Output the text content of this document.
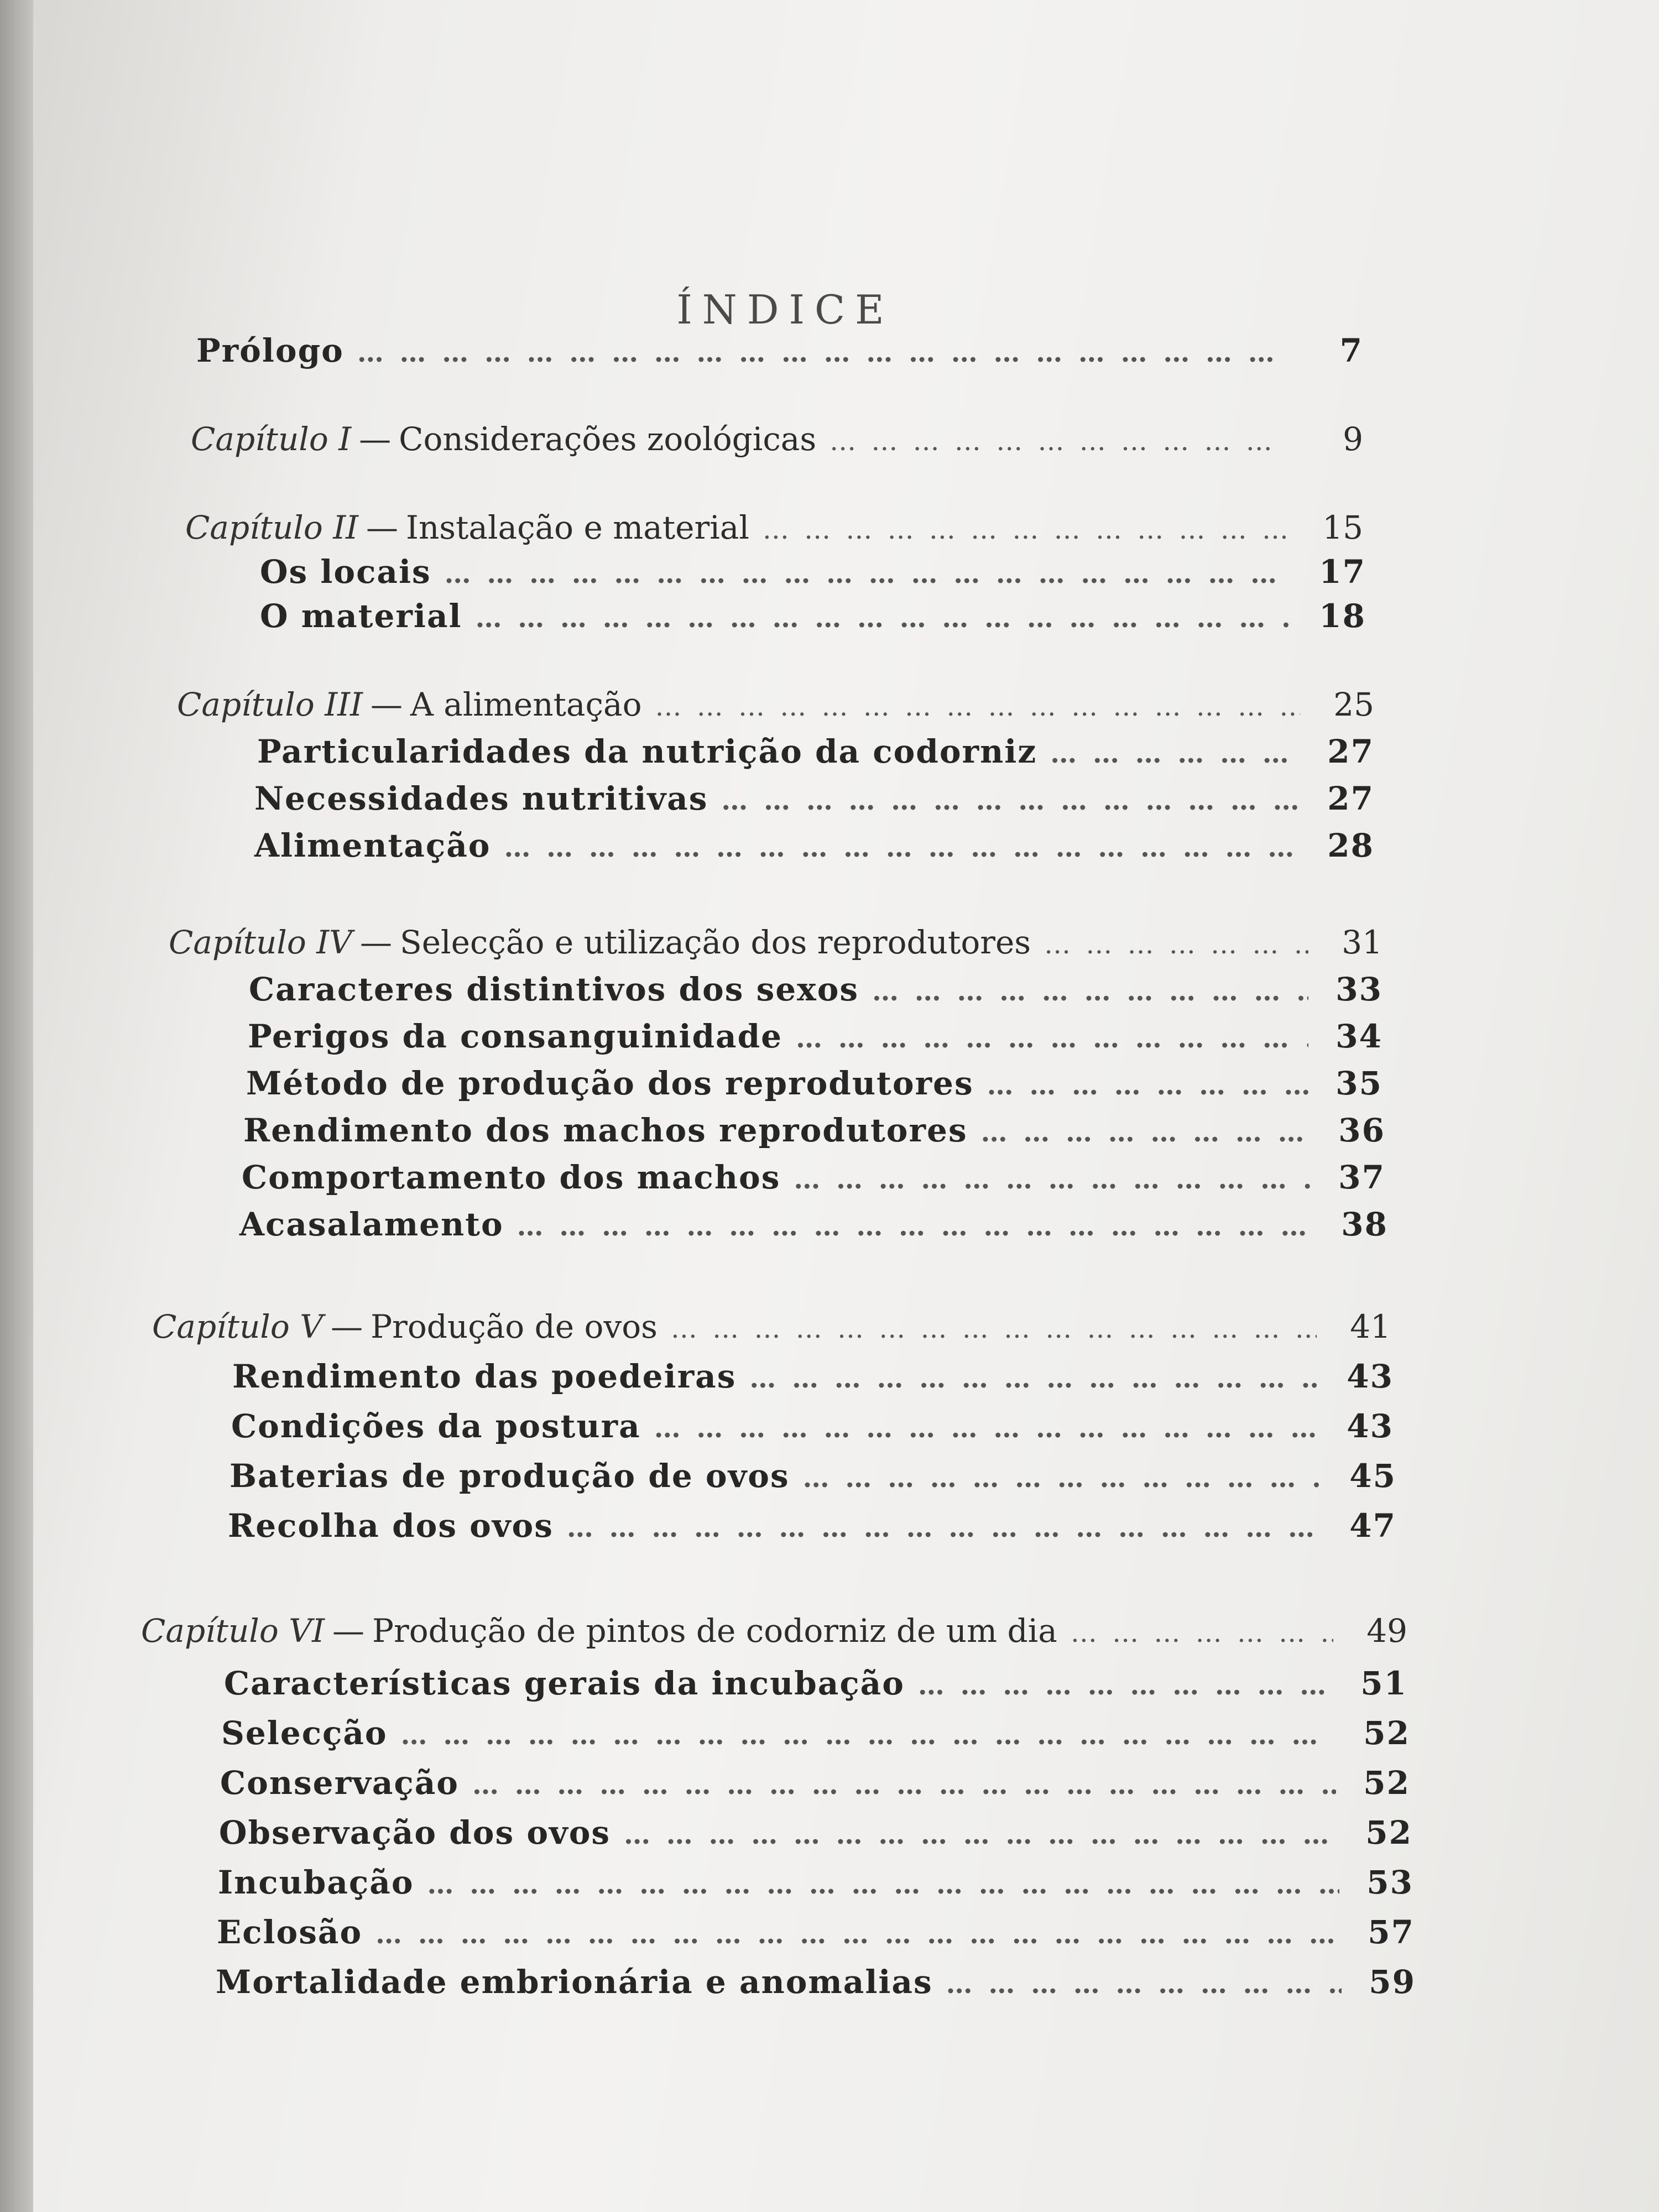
ÍNDICE
Prólogo … … … … … … … … … … … … … … … … … … … … … … … … … … … …	7
Capítulo I — Considerações zoológicas … … … … … … … … … … … … … … … … … … … … … … … … … … … …	9
Capítulo II — Instalação e material … … … … … … … … … … … … … … … … … … … … … … … … … … … …	15
Os locais … … … … … … … … … … … … … … … … … … … … … … … … … … … …	17
O material … … … … … … … … … … … … … … … … … … … … … … … … … … … …	18
Capítulo III — A alimentação … … … … … … … … … … … … … … … … … … … … … … … … … … … …	25
Particularidades da nutrição da codorniz … … … … … … … … … … … … … … … … … … … … … … … … … … … …	27
Necessidades nutritivas … … … … … … … … … … … … … … … … … … … … … … … … … … … …	27
Alimentação … … … … … … … … … … … … … … … … … … … … … … … … … … … …	28
Capítulo IV — Selecção e utilização dos reprodutores … … … … … … … … … … … … … … … … … … … … … … … … … … … …	31
Caracteres distintivos dos sexos … … … … … … … … … … … … … … … … … … … … … … … … … … … …	33
Perigos da consanguinidade … … … … … … … … … … … … … … … … … … … … … … … … … … … …	34
Método de produção dos reprodutores … … … … … … … … … … … … … … … … … … … … … … … … … … … …	35
Rendimento dos machos reprodutores … … … … … … … … … … … … … … … … … … … … … … … … … … … …	36
Comportamento dos machos … … … … … … … … … … … … … … … … … … … … … … … … … … … …	37
Acasalamento … … … … … … … … … … … … … … … … … … … … … … … … … … … …	38
Capítulo V — Produção de ovos … … … … … … … … … … … … … … … … … … … … … … … … … … … …	41
Rendimento das poedeiras … … … … … … … … … … … … … … … … … … … … … … … … … … … …	43
Condições da postura … … … … … … … … … … … … … … … … … … … … … … … … … … … …	43
Baterias de produção de ovos … … … … … … … … … … … … … … … … … … … … … … … … … … … …	45
Recolha dos ovos … … … … … … … … … … … … … … … … … … … … … … … … … … … …	47
Capítulo VI — Produção de pintos de codorniz de um dia … … … … … … … … … … … … … … … … … … … … … … … … … … … …	49
Características gerais da incubação … … … … … … … … … … … … … … … … … … … … … … … … … … … …	51
Selecção … … … … … … … … … … … … … … … … … … … … … … … … … … … …	52
Conservação … … … … … … … … … … … … … … … … … … … … … … … … … … … …	52
Observação dos ovos … … … … … … … … … … … … … … … … … … … … … … … … … … … …	52
Incubação … … … … … … … … … … … … … … … … … … … … … … … … … … … …	53
Eclosão … … … … … … … … … … … … … … … … … … … … … … … … … … … …	57
Mortalidade embrionária e anomalias … … … … … … … … … … … … … … … … … … … … … … … … … … … …	59
